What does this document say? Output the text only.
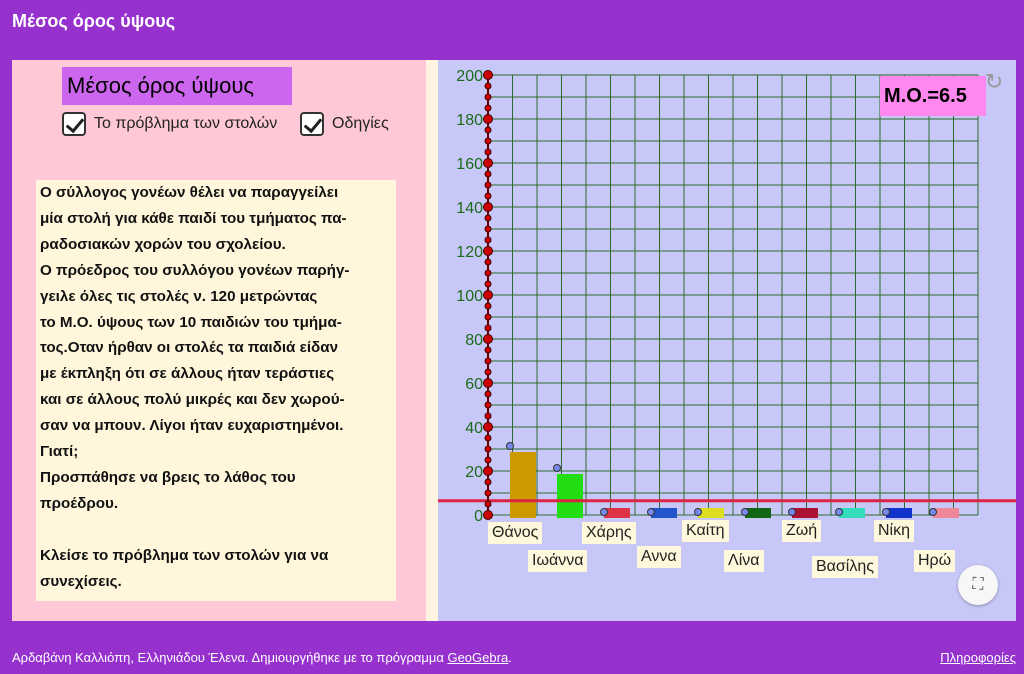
Μέσος όρος ύψους
Μέσος όρος ύψους
Το πρόβλημα των στολών	Οδηγίες
Ο σύλλογος γονέων θέλει να παραγγείλει
μία στολή για κάθε παιδί του τμήματος πα-
ραδοσιακών χορών του σχολείου.
Ο πρόεδρος του συλλόγου γονέων παρήγ-
γειλε όλες τις στολές ν. 120 μετρώντας
το Μ.Ο. ύψους των 10 παιδιών του τμήμα-
τος.Οταν ήρθαν οι στολές τα παιδιά είδαν
με έκπληξη ότι σε άλλους ήταν τεράστιες
και σε άλλους πολύ μικρές και δεν χωρού-
σαν να μπουν. Λίγοι ήταν ευχαριστημένοι.
Γιατί;
Προσπάθησε να βρεις το λάθος του
προέδρου.
Κλείσε το πρόβλημα των στολών για να
συνεχίσεις.
0
20
40
60
80
100
120
140
160
180
200
Μ.Ο.=6.5
↻
⛶
Θάνος
Ιωάννα
Χάρης
Αννα
Καίτη
Λίνα
Ζωή
Βασίλης
Νίκη
Ηρώ
Αρδαβάνη Καλλιόπη, Ελληνιάδου Έλενα. Δημιουργήθηκε με το πρόγραμμα GeoGebra.	Πληροφορίες
